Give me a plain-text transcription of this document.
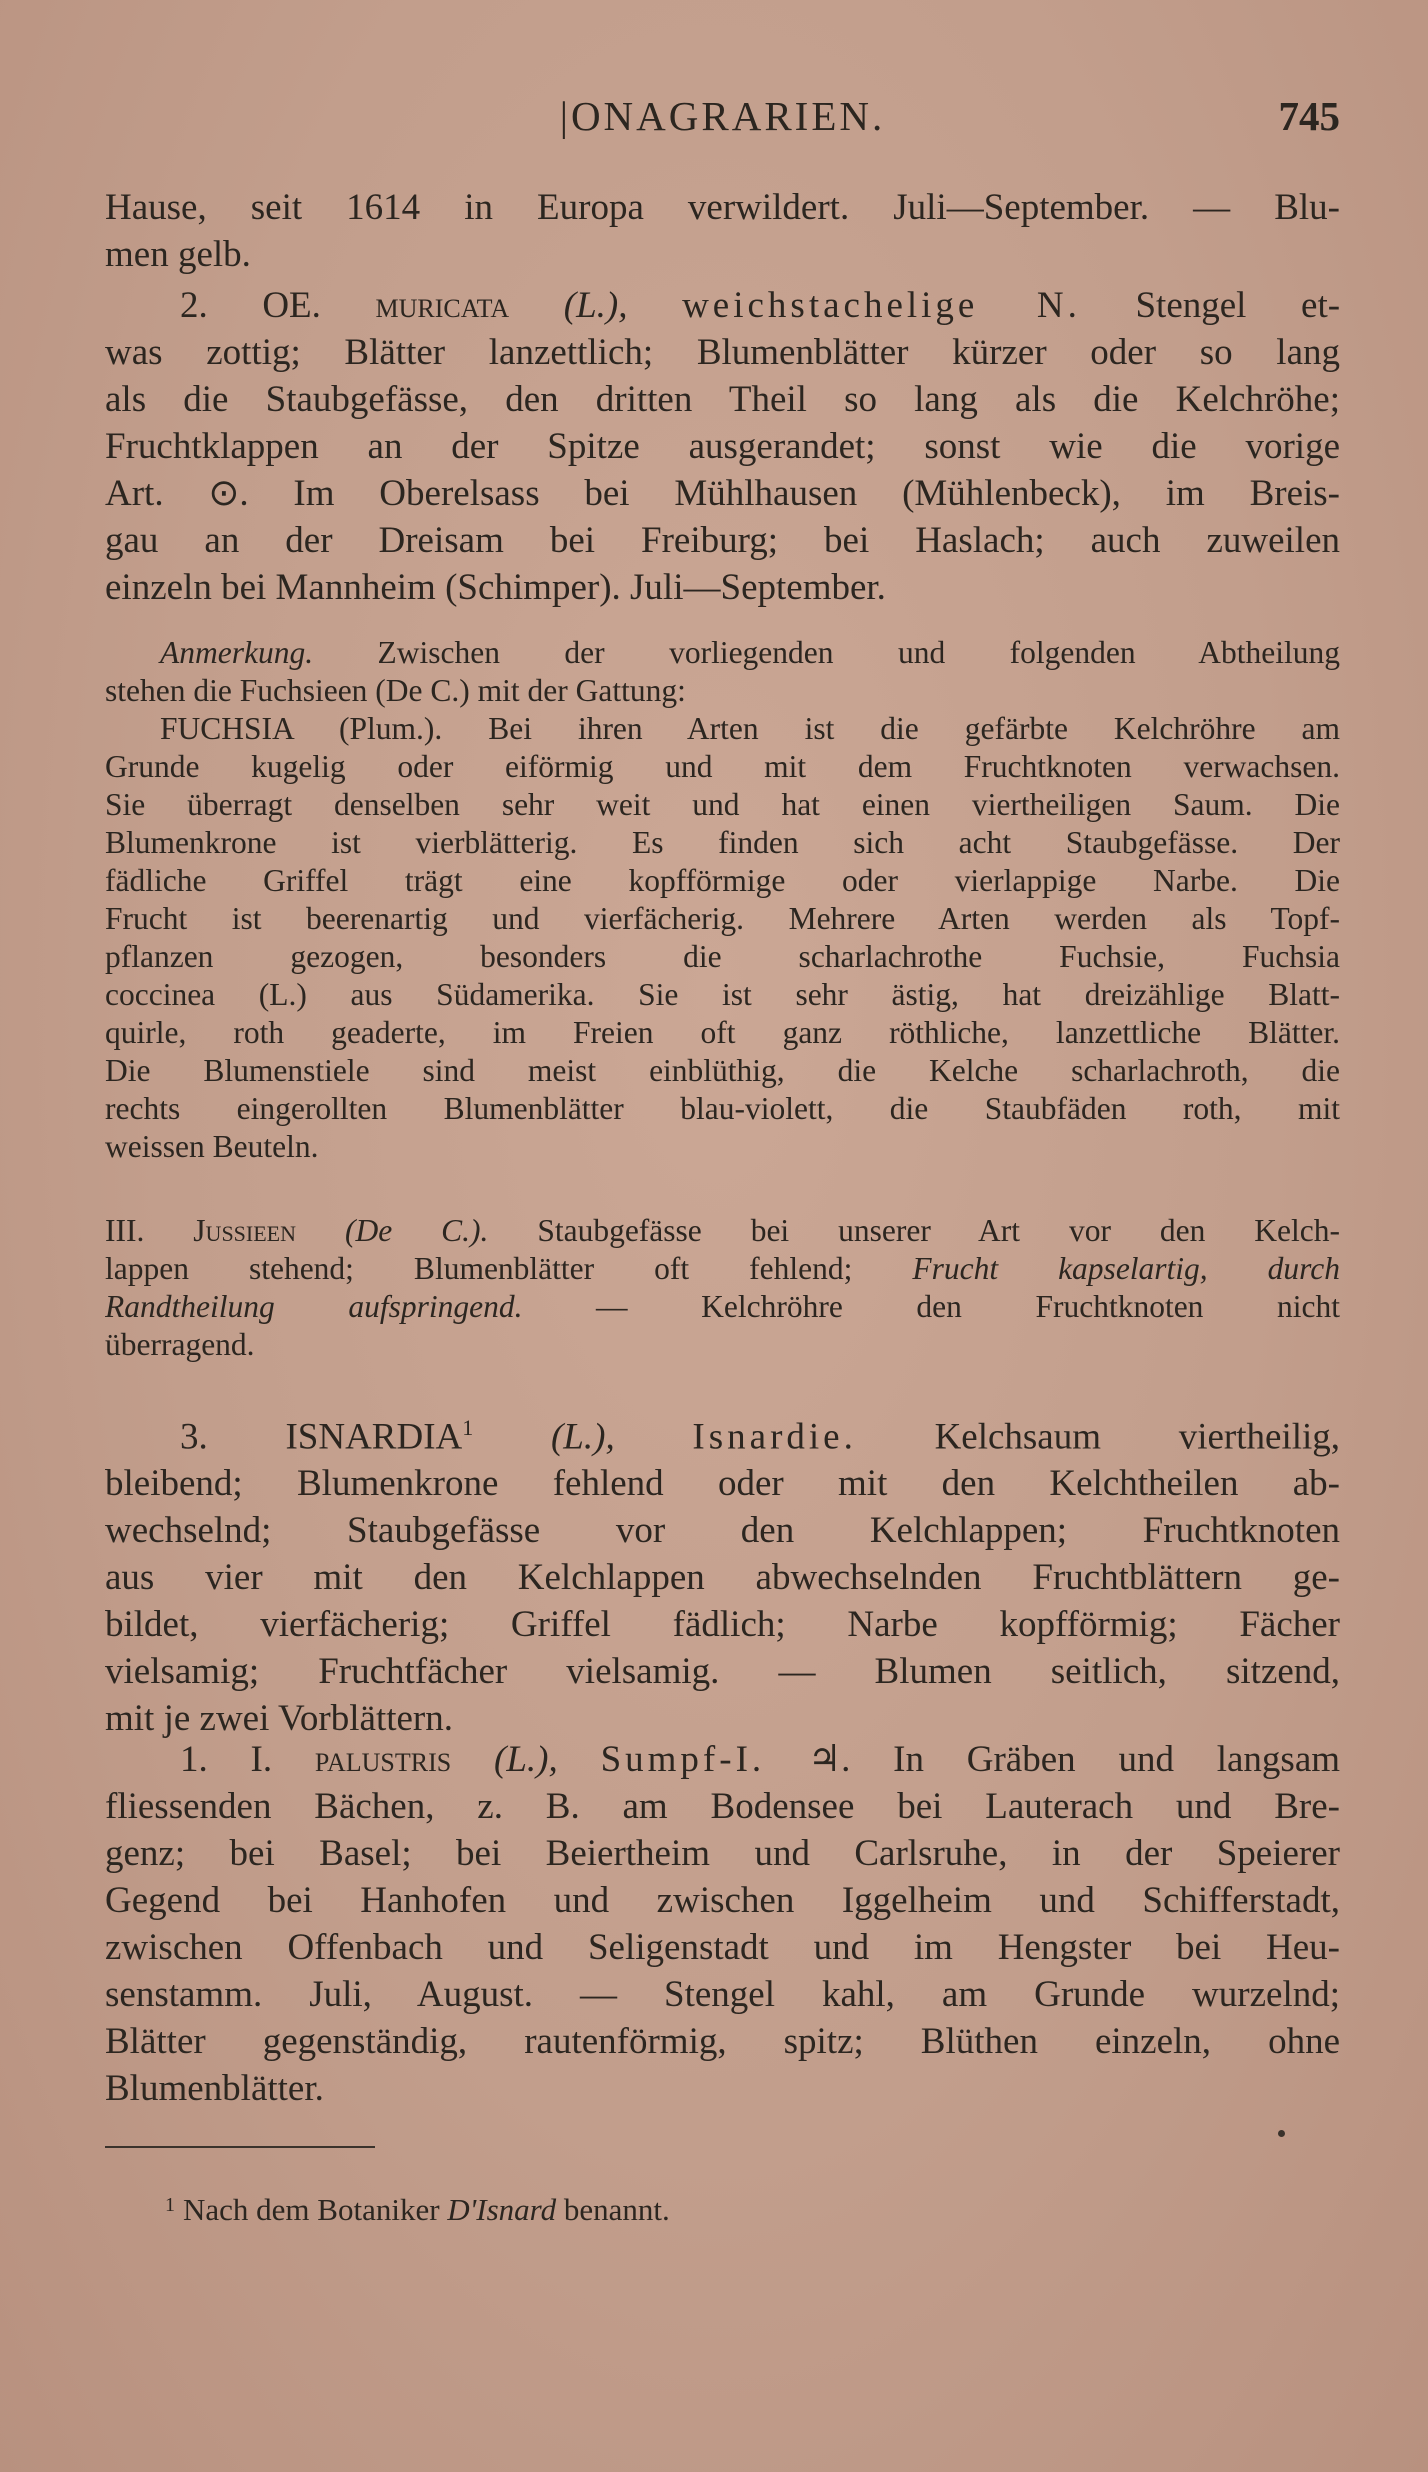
|ONAGRARIEN.	745
Hause, seit 1614 in Europa verwildert. Juli—September. — Blu-
men gelb.
2. OE. muricata (L.), weichstachelige N. Stengel et-
was zottig; Blätter lanzettlich; Blumenblätter kürzer oder so lang
als die Staubgefässe, den dritten Theil so lang als die Kelchröhe;
Fruchtklappen an der Spitze ausgerandet; sonst wie die vorige
Art. ⊙. Im Oberelsass bei Mühlhausen (Mühlenbeck), im Breis-
gau an der Dreisam bei Freiburg; bei Haslach; auch zuweilen
einzeln bei Mannheim (Schimper). Juli—September.
Anmerkung. Zwischen der vorliegenden und folgenden Abtheilung
stehen die Fuchsieen (De C.) mit der Gattung:
FUCHSIA (Plum.). Bei ihren Arten ist die gefärbte Kelchröhre am
Grunde kugelig oder eiförmig und mit dem Fruchtknoten verwachsen.
Sie überragt denselben sehr weit und hat einen viertheiligen Saum. Die
Blumenkrone ist vierblätterig. Es finden sich acht Staubgefässe. Der
fädliche Griffel trägt eine kopfförmige oder vierlappige Narbe. Die
Frucht ist beerenartig und vierfächerig. Mehrere Arten werden als Topf-
pflanzen gezogen, besonders die scharlachrothe Fuchsie, Fuchsia
coccinea (L.) aus Südamerika. Sie ist sehr ästig, hat dreizählige Blatt-
quirle, roth geaderte, im Freien oft ganz röthliche, lanzettliche Blätter.
Die Blumenstiele sind meist einblüthig, die Kelche scharlachroth, die
rechts eingerollten Blumenblätter blau-violett, die Staubfäden roth, mit
weissen Beuteln.
III. Jussieen (De C.). Staubgefässe bei unserer Art vor den Kelch-
lappen stehend; Blumenblätter oft fehlend; Frucht kapselartig, durch
Randtheilung aufspringend. — Kelchröhre den Fruchtknoten nicht
überragend.
3. ISNARDIA$^1$ (L.), Isnardie. Kelchsaum viertheilig,
bleibend; Blumenkrone fehlend oder mit den Kelchtheilen ab-
wechselnd; Staubgefässe vor den Kelchlappen; Fruchtknoten
aus vier mit den Kelchlappen abwechselnden Fruchtblättern ge-
bildet, vierfächerig; Griffel fädlich; Narbe kopfförmig; Fächer
vielsamig; Fruchtfächer vielsamig. — Blumen seitlich, sitzend,
mit je zwei Vorblättern.
1. I. palustris (L.), Sumpf-I. ♃. In Gräben und langsam
fliessenden Bächen, z. B. am Bodensee bei Lauterach und Bre-
genz; bei Basel; bei Beiertheim und Carlsruhe, in der Speierer
Gegend bei Hanhofen und zwischen Iggelheim und Schifferstadt,
zwischen Offenbach und Seligenstadt und im Hengster bei Heu-
senstamm. Juli, August. — Stengel kahl, am Grunde wurzelnd;
Blätter gegenständig, rautenförmig, spitz; Blüthen einzeln, ohne
Blumenblätter.
$^1$ Nach dem Botaniker D'Isnard benannt.
